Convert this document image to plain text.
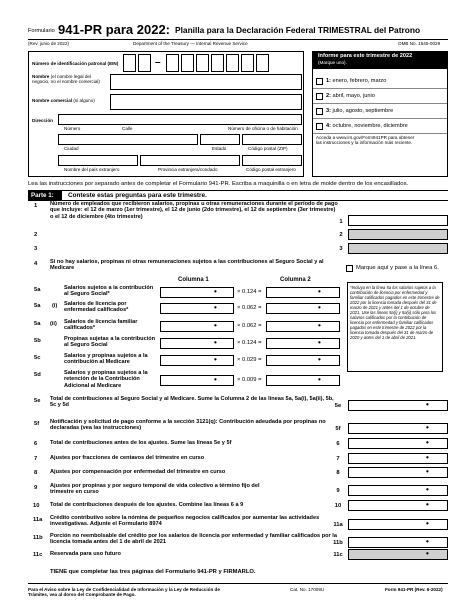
Formulario 941-PR para 2022: Planilla para la Declaración Federal TRIMESTRAL del Patrono
(Rev. junio de 2022)	Department of the Treasury — Internal Revenue Service	OMB No. 1545-0029
Número de identificación patronal (EIN)	–
Nombre (el nombre legal del negocio, no el nombre comercial)
Nombre comercial (si alguno)
Dirección
Número	Calle	Número de oficina o de habitación
Ciudad	Estado	Código postal (ZIP)
Nombre del país extranjero	Provincia extranjera/condado	Código postal extranjero
Informe para este trimestre de 2022
(Marque uno).
1: enero, febrero, marzo
2: abril, mayo, junio
3: julio, agosto, septiembre
4: octubre, noviembre, diciembre
Acceda a www.irs.gov/Form941PR para obtener las instrucciones y la información más reciente.
Lea las instrucciones por separado antes de completar el Formulario 941-PR. Escriba a maquinilla o en letra de molde dentro de los encasillados.
Parte 1:	Conteste estas preguntas para este trimestre.
1 Número de empleados que recibieron salarios, propinas u otras remuneraciones durante el período de pago que incluye: el 12 de marzo (1er trimestre), el 12 de junio (2do trimestre), el 12 de septiembre (3er trimestre) o el 12 de diciembre (4to trimestre)
1
2	2
3	3
4 Si no hay salarios, propinas ni otras remuneraciones sujetos a las contribuciones al Seguro Social y al Medicare	Marque aquí y pase a la línea 6.
Columna 1	Columna 2
5a	Salarios sujetos a la contribución al Seguro Social*	•	× 0.124 =	•
5a (i) Salarios de licencia por enfermedad calificados*	•	× 0.062 =	•
5a (ii) Salarios de licencia familiar calificados*	•	× 0.062 =	•
5b	Propinas sujetas a la contribución al Seguro Social	•	× 0.124 =	•
5c	Salarios y propinas sujetos a la contribución al Medicare	•	× 0.029 =	•
5d	Salarios y propinas sujetos a la retención de la Contribución Adicional al Medicare
•	× 0.009 =	•
*Incluya en la línea 5a los salarios sujetos a la contribución de licencia por enfermedad y familiar calificados pagados en este trimestre de 2022 por la licencia tomada después del 31 de marzo de 2021 y antes del 1 de octubre de 2021. Use las líneas 5a(i) y 5a(ii) sólo para los salarios calificados por la contribución de licencia por enfermedad y familiar calificados pagados en este trimestre de 2022 por la licencia tomada después del 31 de marzo de 2020 y antes del 1 de abril de 2021.
5e Total de contribuciones al Seguro Social y al Medicare. Sume la Columna 2 de las líneas 5a, 5a(i), 5a(ii), 5b, 5c y 5d	5e	•
5f Notificación y solicitud de pago conforme a la sección 3121(q): Contribución adeudada por propinas no declaradas (vea las instrucciones)	5f	•
6 Total de contribuciones antes de los ajustes. Sume las líneas 5e y 5f	6	•
7 Ajustes por fracciones de centavos del trimestre en curso	7	•
8 Ajustes por compensación por enfermedad del trimestre en curso	8	•
9 Ajustes por propinas y por seguro temporal de vida colectivo a término fijo del trimestre en curso	9	•
10 Total de contribuciones después de los ajustes. Combine las líneas 6 a 9	10	•
11a Crédito contributivo sobre la nómina de pequeños negocios calificados por aumentar las actividades investigativas. Adjunte el Formulario 8974	11a	•
11b Porción no reembolsable del crédito por los salarios de licencia por enfermedad y familiar calificados por la licencia tomada antes del 1 de abril de 2021	11b	•
11c Reservada para uso futuro	11c	•
TIENE que completar las tres páginas del Formulario 941-PR y FIRMARLO.
Para el Aviso sobre la Ley de Confidencialidad de Información y la Ley de Reducción de Trámites, vea al dorso del Comprobante de Pago.
Cat. No. 17009U	Form 941-PR (Rev. 6-2022)
